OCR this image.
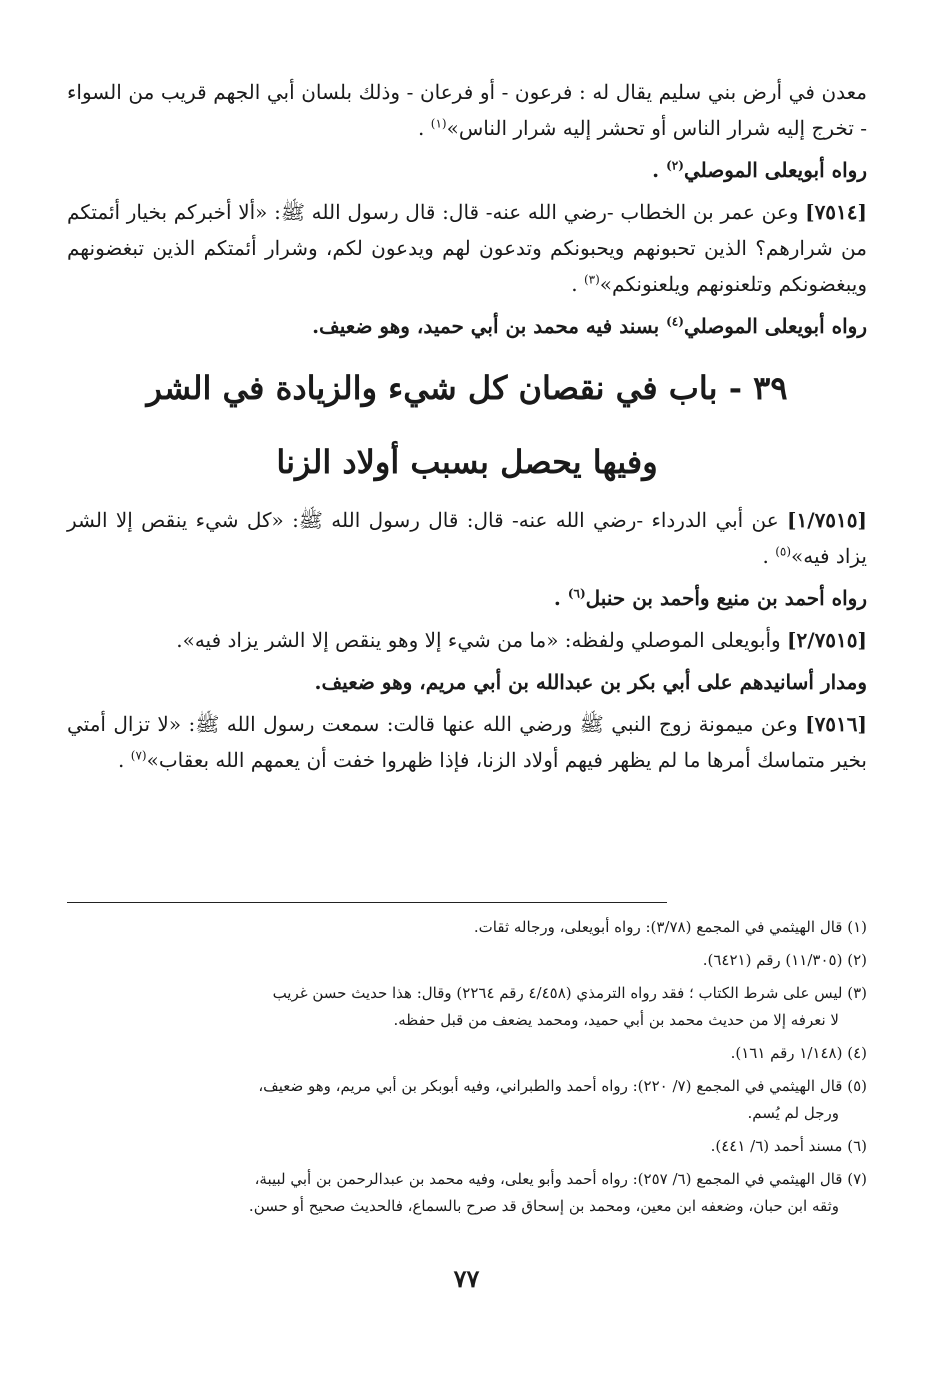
معدن في أرض بني سليم يقال له : فرعون - أو فرعان - وذلك بلسان أبي الجهم قريب من السواء - تخرج إليه شرار الناس أو تحشر إليه شرار الناس»$^{(١)}$ .

رواه أبويعلى الموصلي$^{(٢)}$ .

[٧٥١٤] وعن عمر بن الخطاب -رضي الله عنه- قال: قال رسول الله ﷺ: «ألا أخبركم بخيار أئمتكم من شرارهم؟ الذين تحبونهم ويحبونكم وتدعون لهم ويدعون لكم، وشرار أئمتكم الذين تبغضونهم ويبغضونكم وتلعنونهم ويلعنونكم»$^{(٣)}$ .

رواه أبويعلى الموصلي$^{(٤)}$ بسند فيه محمد بن أبي حميد، وهو ضعيف.

٣٩ - باب في نقصان كل شيء والزيادة في الشر
وفيها يحصل بسبب أولاد الزنا

[١/٧٥١٥] عن أبي الدرداء -رضي الله عنه- قال: قال رسول الله ﷺ: «كل شيء ينقص إلا الشر يزاد فيه»$^{(٥)}$ .

رواه أحمد بن منيع وأحمد بن حنبل$^{(٦)}$ .

[٢/٧٥١٥] وأبويعلى الموصلي ولفظه: «ما من شيء إلا وهو ينقص إلا الشر يزاد فيه».

ومدار أسانيدهم على أبي بكر بن عبدالله بن أبي مريم، وهو ضعيف.

[٧٥١٦] وعن ميمونة زوج النبي ﷺ ورضي الله عنها قالت: سمعت رسول الله ﷺ: «لا تزال أمتي بخير متماسك أمرها ما لم يظهر فيهم أولاد الزنا، فإذا ظهروا خفت أن يعمهم الله بعقاب»$^{(٧)}$ .

(١) قال الهيثمي في المجمع (٣/٧٨): رواه أبويعلى، ورجاله ثقات.

(٢) (١١/٣٠٥) رقم (٦٤٢١).

(٣) ليس على شرط الكتاب ؛ فقد رواه الترمذي (٤/٤٥٨ رقم ٢٢٦٤) وقال: هذا حديث حسن غريب
لا نعرفه إلا من حديث محمد بن أبي حميد، ومحمد يضعف من قبل حفظه.

(٤) (١/١٤٨ رقم ١٦١).

(٥) قال الهيثمي في المجمع (٧/ ٢٢٠): رواه أحمد والطبراني، وفيه أبوبكر بن أبي مريم، وهو ضعيف،
ورجل لم يُسم.

(٦) مسند أحمد (٦/ ٤٤١).

(٧) قال الهيثمي في المجمع (٦/ ٢٥٧): رواه أحمد وأبو يعلى، وفيه محمد بن عبدالرحمن بن أبي لبيبة،
وثقه ابن حبان، وضعفه ابن معين، ومحمد بن إسحاق قد صرح بالسماع، فالحديث صحيح أو حسن.

٧٧
